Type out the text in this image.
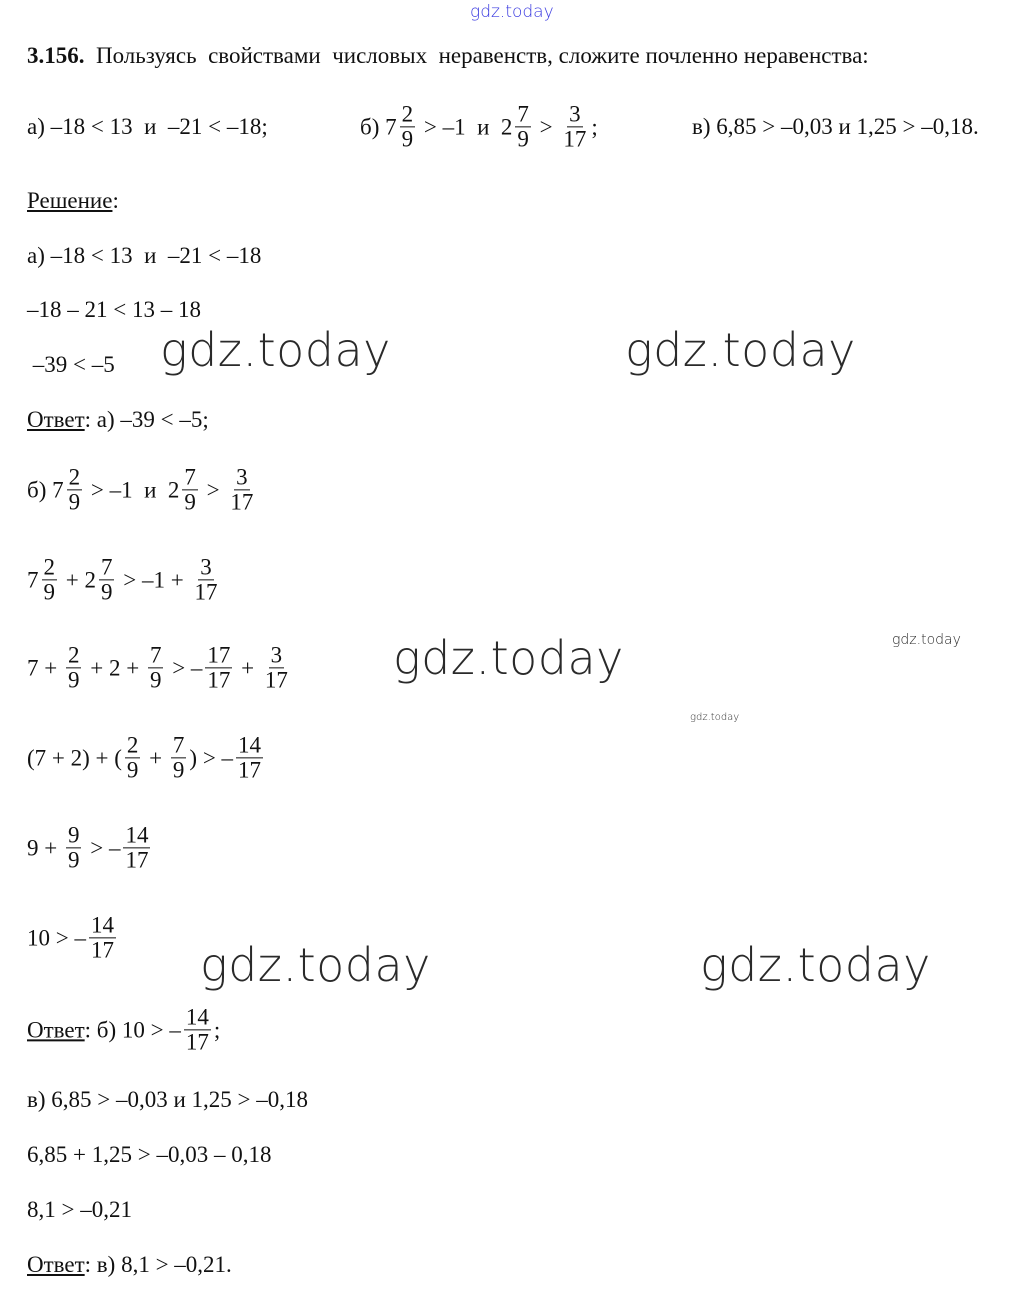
gdz.today
3.156. Пользуясь  свойствами  числовых  неравенств, сложите почленно неравенства:
а) –18 < 13  и  –21 < –18;	б) $7 \frac{2}{9} > -1$  и  $2 \frac{7}{9} > \frac{3}{17}$ ;	в) 6,85 > –0,03 и 1,25 > –0,18.
Решение :
а) –18 < 13  и  –21 < –18
–18 – 21 < 13 – 18
–39 < –5
Ответ : а) –39 < –5;
б) $7 \frac{2}{9} > -1$  и  $2 \frac{7}{9} > \frac{3}{17}$
$7 \frac{2}{9} + 2 \frac{7}{9} > -1 + \frac{3}{17}$
$7 + \frac{2}{9} + 2 + \frac{7}{9}$ > – $\frac{17}{17} + \frac{3}{17}$
(7 + 2) + ( $\frac{2}{9} + \frac{7}{9}$ ) > – $\frac{14}{17}$
$9 + \frac{9}{9}$ > – $\frac{14}{17}$
10 > – $\frac{14}{17}$
Ответ : б) 10 > – $\frac{14}{17}$ ;
в) 6,85 > –0,03 и 1,25 > –0,18
6,85 + 1,25 > –0,03 – 0,18
8,1 > –0,21
Ответ : в) 8,1 > –0,21.
gdz.today	gdz.today
gdz.today
gdz.today	gdz.today
gdz.today
gdz.today
